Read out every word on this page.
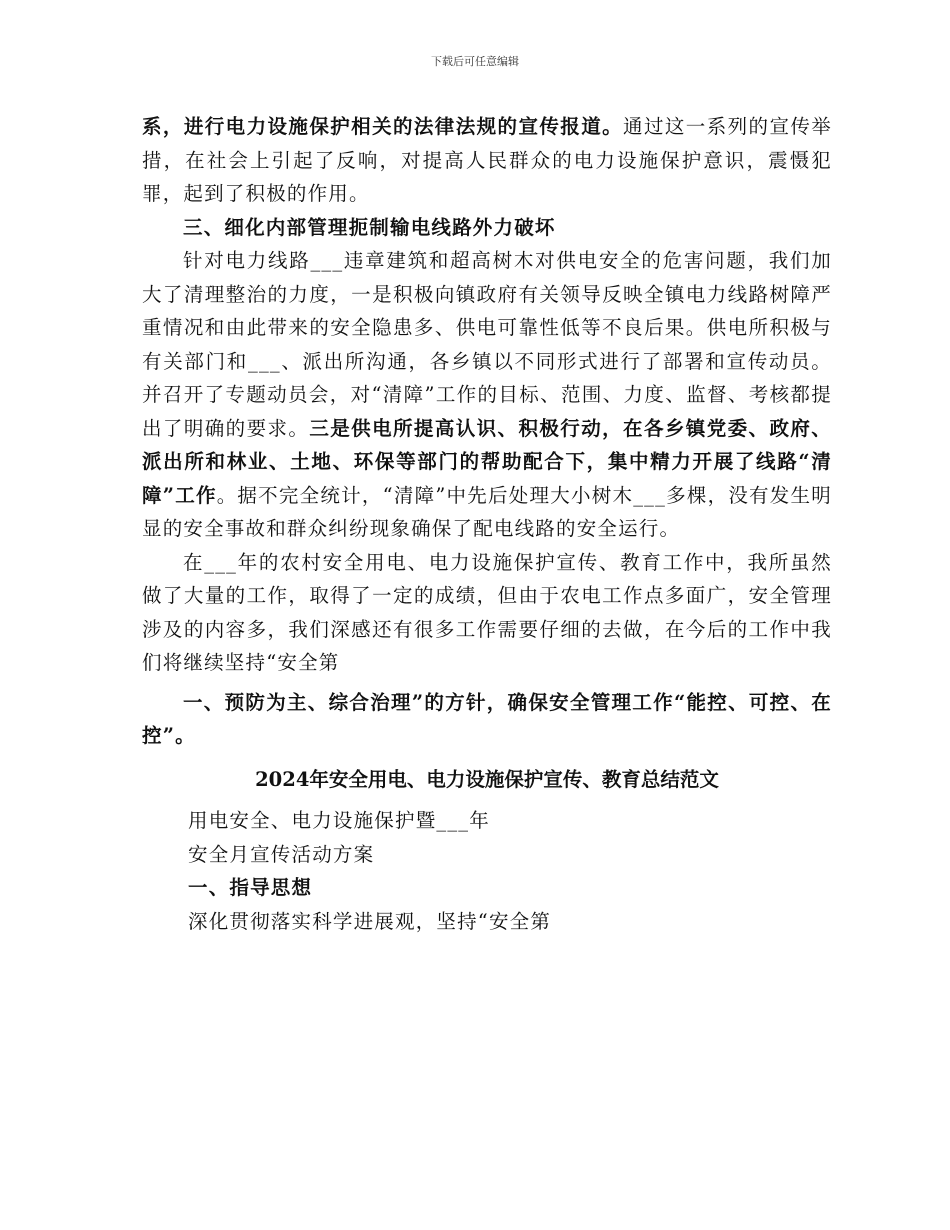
下载后可任意编辑

系，进行电力设施保护相关的法律法规的宣传报道。通过这一系列的宣传举措，在社会上引起了反响，对提高人民群众的电力设施保护意识，震慑犯罪，起到了积极的作用。

三、细化内部管理扼制输电线路外力破坏

针对电力线路___违章建筑和超高树木对供电安全的危害问题，我们加大了清理整治的力度，一是积极向镇政府有关领导反映全镇电力线路树障严重情况和由此带来的安全隐患多、供电可靠性低等不良后果。供电所积极与有关部门和___、派出所沟通，各乡镇以不同形式进行了部署和宣传动员。并召开了专题动员会，对“清障”工作的目标、范围、力度、监督、考核都提出了明确的要求。三是供电所提高认识、积极行动，在各乡镇党委、政府、派出所和林业、土地、环保等部门的帮助配合下，集中精力开展了线路“清障”工作。据不完全统计，“清障”中先后处理大小树木___多棵，没有发生明显的安全事故和群众纠纷现象确保了配电线路的安全运行。

在___年的农村安全用电、电力设施保护宣传、教育工作中，我所虽然做了大量的工作，取得了一定的成绩，但由于农电工作点多面广，安全管理涉及的内容多，我们深感还有很多工作需要仔细的去做，在今后的工作中我们将继续坚持“安全第

一、预防为主、综合治理”的方针，确保安全管理工作“能控、可控、在控”。

2024年安全用电、电力设施保护宣传、教育总结范文

用电安全、电力设施保护暨___年

安全月宣传活动方案

一、指导思想

深化贯彻落实科学进展观，坚持“安全第
